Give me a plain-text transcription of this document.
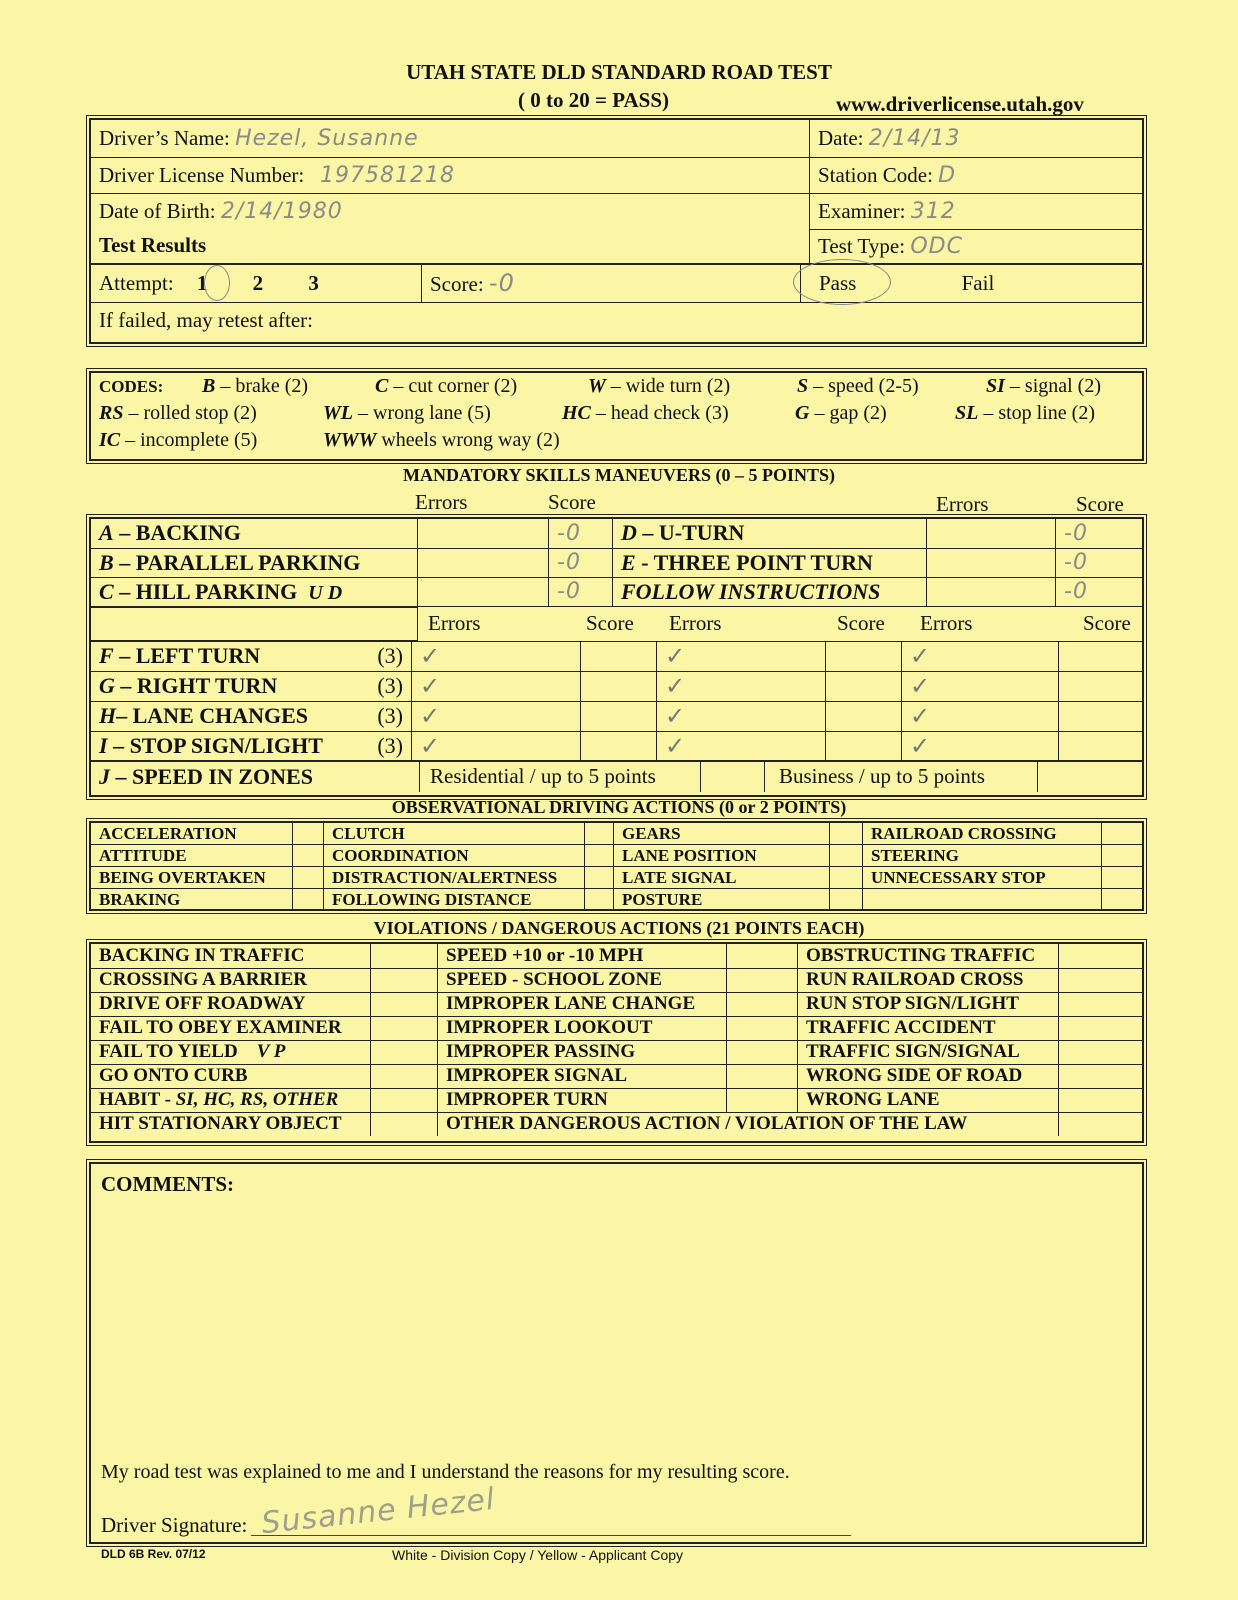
UTAH STATE DLD STANDARD ROAD TEST
( 0 to 20 = PASS)	www.driverlicense.utah.gov
Driver’s Name: Hezel, Susanne	Date: 2/14/13
Driver License Number: 197581218	Station Code: D
Date of Birth: 2/14/1980	Examiner: 312
Test Results	Test Type: ODC
Attempt: 1 2 3	Score: -0	Pass	Fail

If failed, may retest after:
CODES: B – brake (2)	C – cut corner (2)	W – wide turn (2)	S – speed (2-5)	SI – signal (2)
RS – rolled stop (2)	WL – wrong lane (5)	HC – head check (3)	G – gap (2)	SL – stop line (2)
IC – incomplete (5)	WWW wheels wrong way (2)
MANDATORY SKILLS MANEUVERS (0 – 5 POINTS)
Errors	Score	Errors	Score
A – BACKING		-0	D – U-TURN		-0
B – PARALLEL PARKING		-0	E - THREE POINT TURN		-0
C – HILL PARKING U D		-0	FOLLOW INSTRUCTIONS		-0
	Errors	Score	Errors	Score	Errors	Score
F – LEFT TURN (3)	✓		✓		✓	
G – RIGHT TURN (3)	✓		✓		✓	
H– LANE CHANGES (3)	✓		✓		✓	
I – STOP SIGN/LIGHT (3)	✓		✓		✓	
J – SPEED IN ZONES	Residential / up to 5 points		Business / up to 5 points	
OBSERVATIONAL DRIVING ACTIONS (0 or 2 POINTS)
ACCELERATION		CLUTCH		GEARS		RAILROAD CROSSING	
ATTITUDE		COORDINATION		LANE POSITION		STEERING	
BEING OVERTAKEN		DISTRACTION/ALERTNESS		LATE SIGNAL		UNNECESSARY STOP	
BRAKING		FOLLOWING DISTANCE		POSTURE			
VIOLATIONS / DANGEROUS ACTIONS (21 POINTS EACH)
BACKING IN TRAFFIC		SPEED +10 or -10 MPH		OBSTRUCTING TRAFFIC	
CROSSING A BARRIER		SPEED - SCHOOL ZONE		RUN RAILROAD CROSS	
DRIVE OFF ROADWAY		IMPROPER LANE CHANGE		RUN STOP SIGN/LIGHT	
FAIL TO OBEY EXAMINER		IMPROPER LOOKOUT		TRAFFIC ACCIDENT	
FAIL TO YIELD V P		IMPROPER PASSING		TRAFFIC SIGN/SIGNAL	
GO ONTO CURB		IMPROPER SIGNAL		WRONG SIDE OF ROAD	
HABIT - SI, HC, RS, OTHER		IMPROPER TURN		WRONG LANE	
HIT STATIONARY OBJECT		OTHER DANGEROUS ACTION / VIOLATION OF THE LAW			
COMMENTS:
My road test was explained to me and I understand the reasons for my resulting score.
Driver Signature: Susanne Hezel
DLD 6B Rev. 07/12	White - Division Copy / Yellow - Applicant Copy
